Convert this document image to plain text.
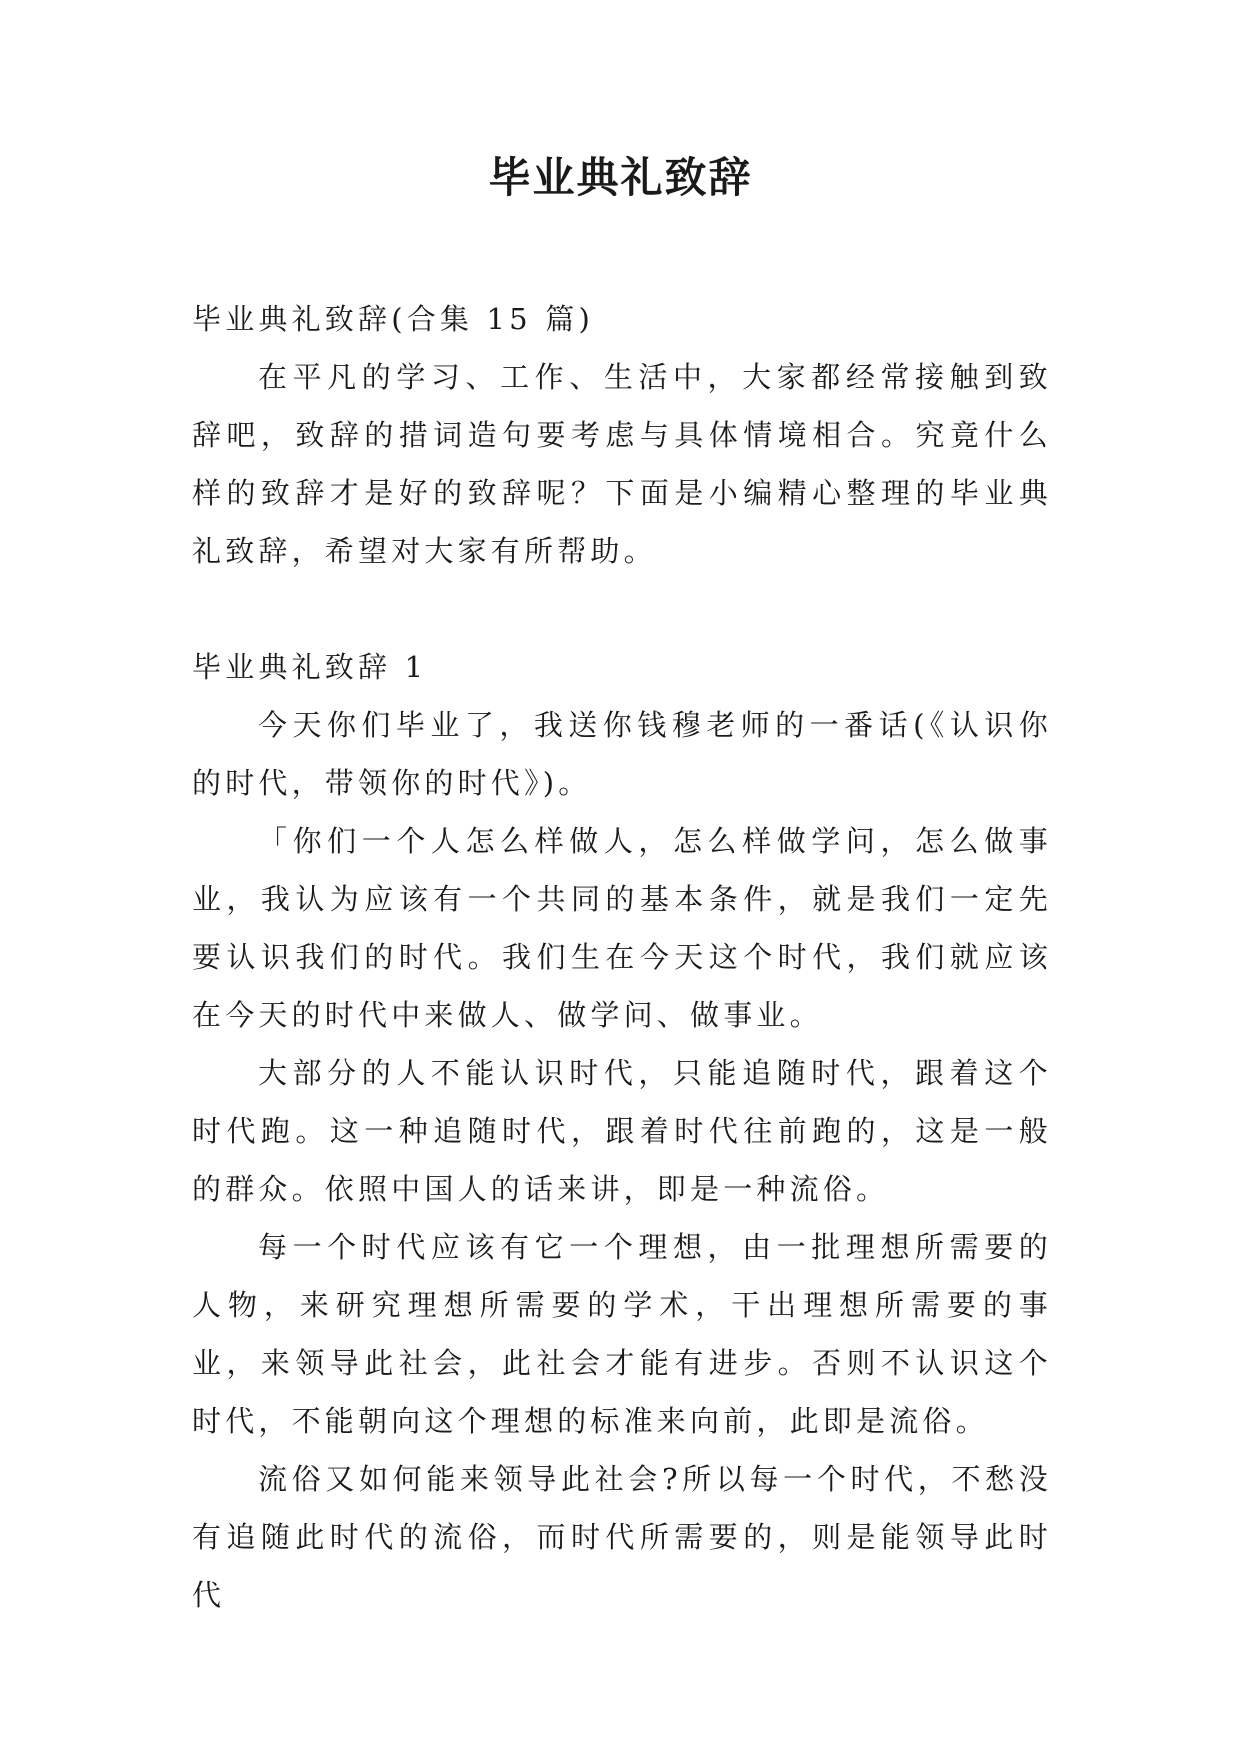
毕业典礼致辞

毕业典礼致辞(合集 15 篇)

在平凡的学习、工作、生活中，大家都经常接触到致辞吧，致辞的措词造句要考虑与具体情境相合。究竟什么样的致辞才是好的致辞呢？下面是小编精心整理的毕业典礼致辞，希望对大家有所帮助。

毕业典礼致辞 1

今天你们毕业了，我送你钱穆老师的一番话(《认识你的时代，带领你的时代》)。

「你们一个人怎么样做人，怎么样做学问，怎么做事业，我认为应该有一个共同的基本条件，就是我们一定先要认识我们的时代。我们生在今天这个时代，我们就应该在今天的时代中来做人、做学问、做事业。

大部分的人不能认识时代，只能追随时代，跟着这个时代跑。这一种追随时代，跟着时代往前跑的，这是一般的群众。依照中国人的话来讲，即是一种流俗。

每一个时代应该有它一个理想，由一批理想所需要的人物，来研究理想所需要的学术，干出理想所需要的事业，来领导此社会，此社会才能有进步。否则不认识这个时代，不能朝向这个理想的标准来向前，此即是流俗。

流俗又如何能来领导此社会?所以每一个时代，不愁没有追随此时代的流俗，而时代所需要的，则是能领导此时代
